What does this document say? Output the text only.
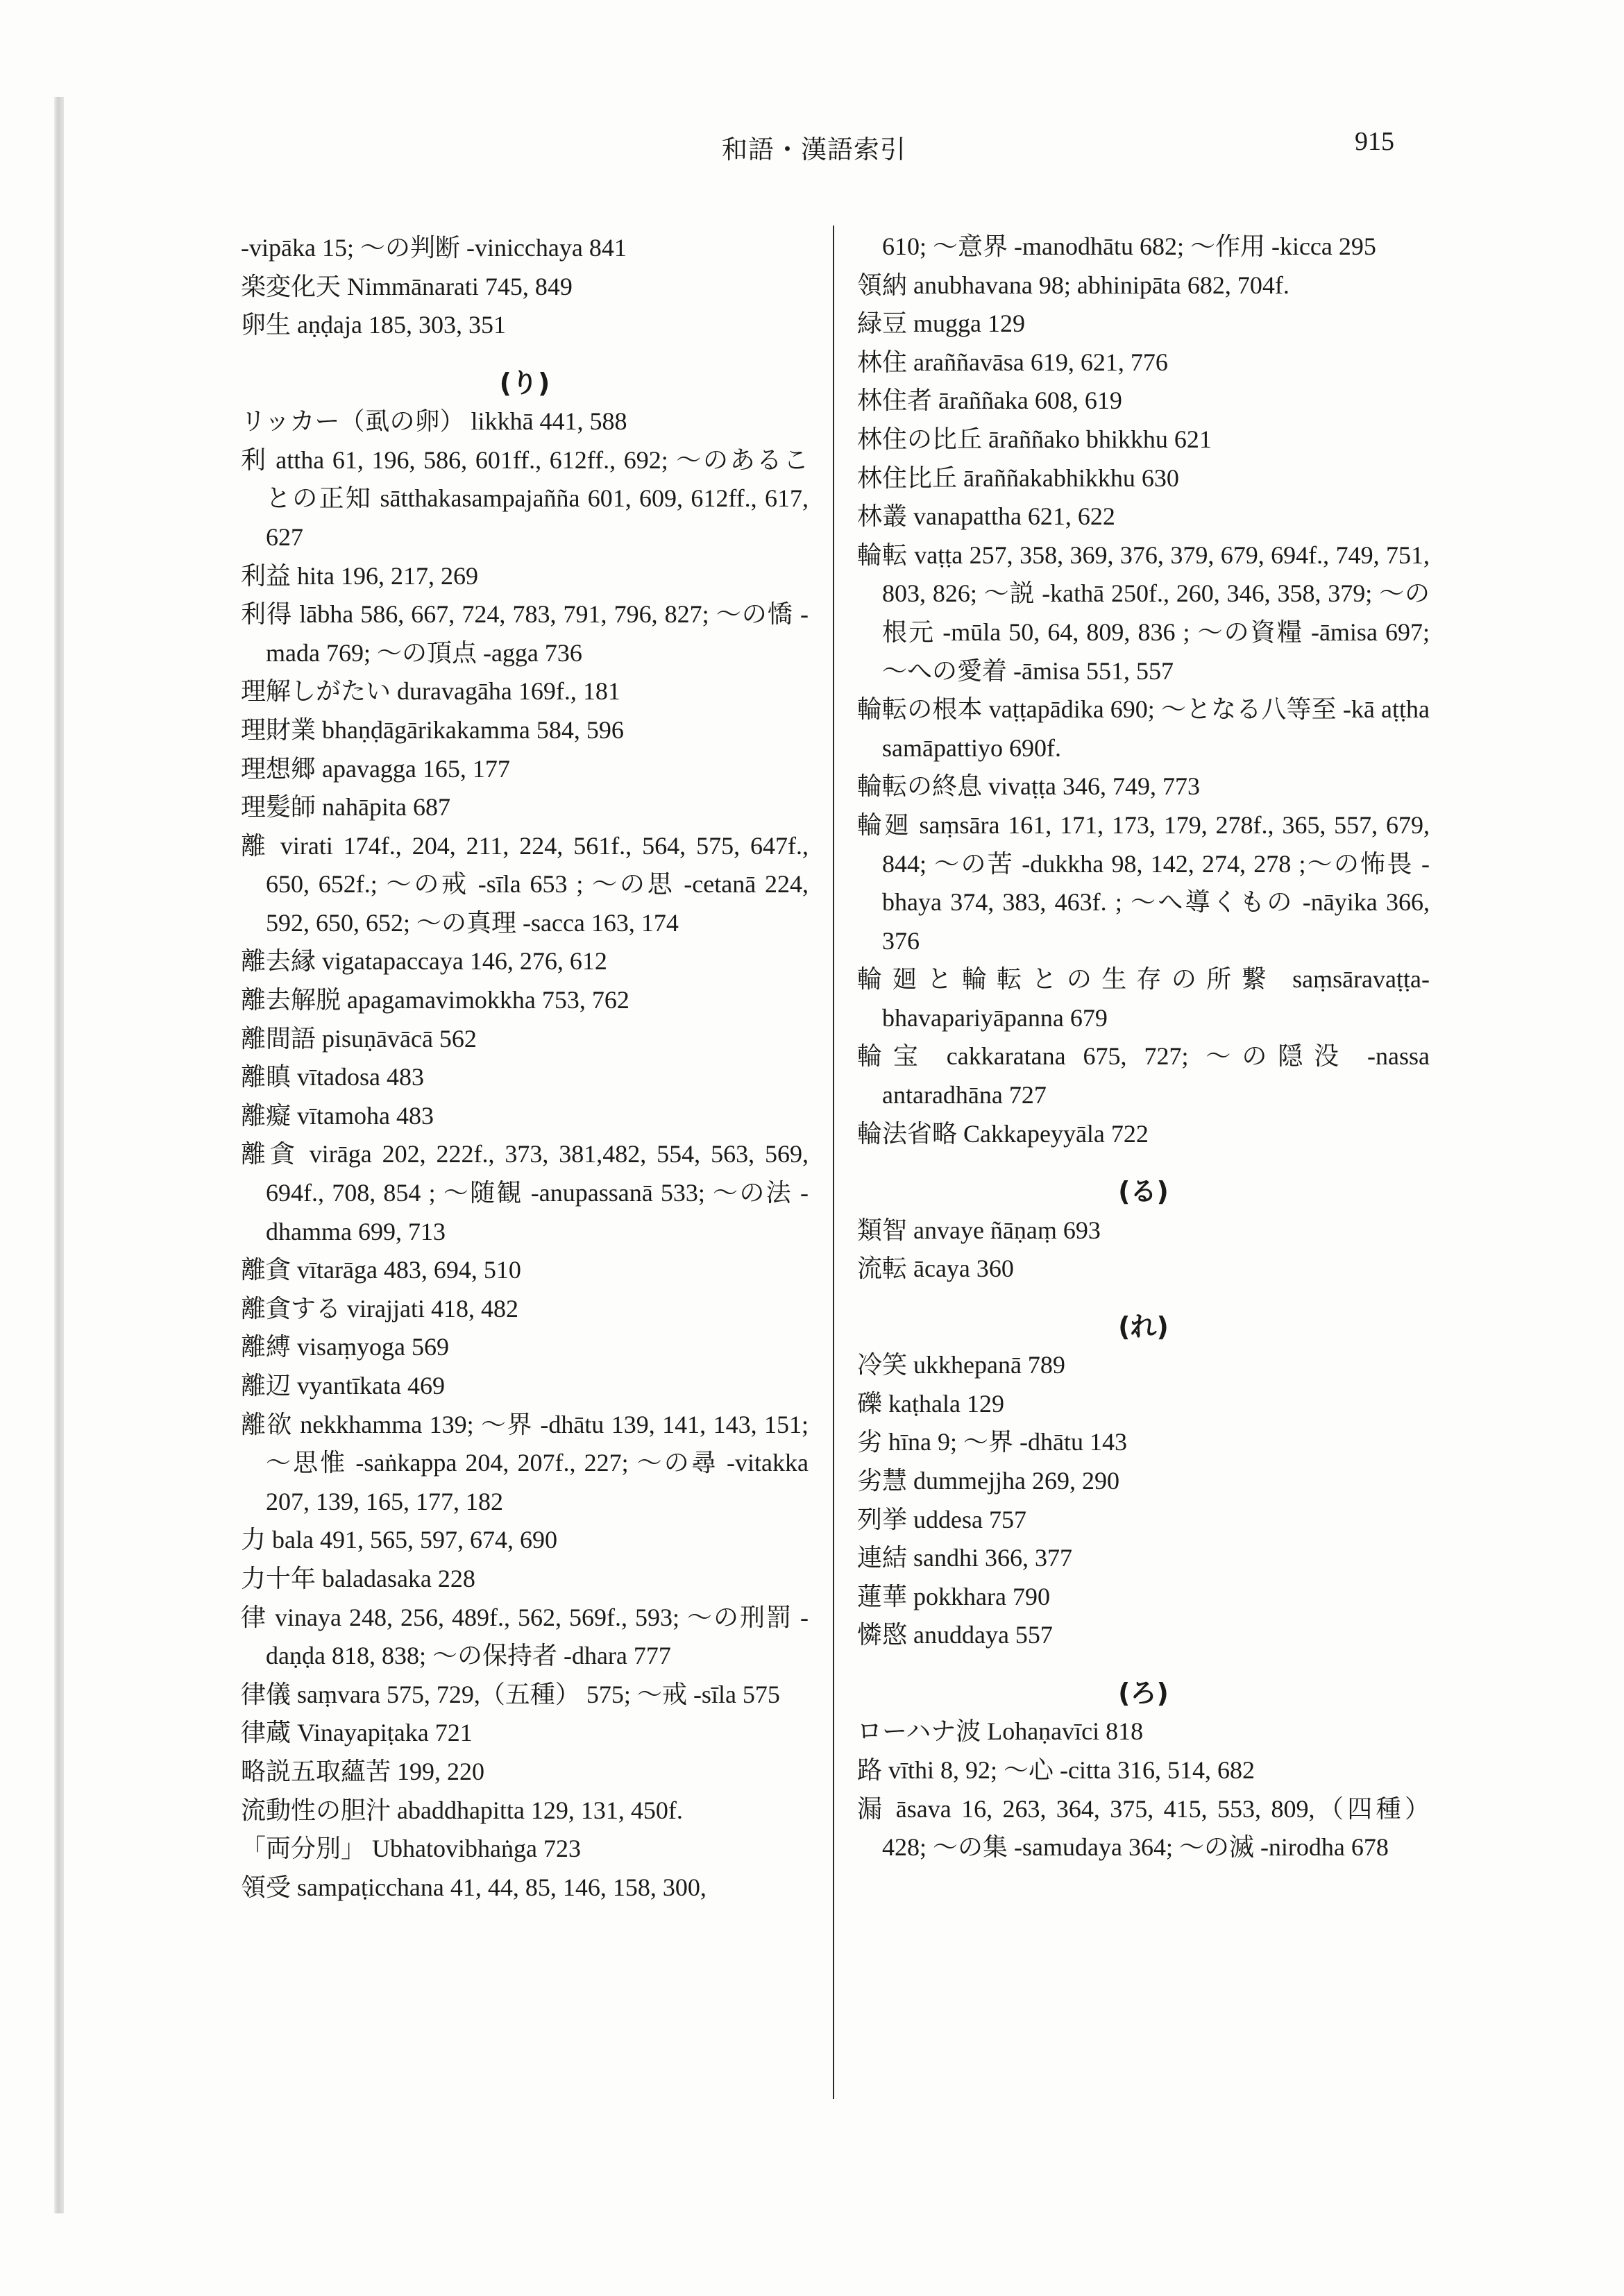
和語・漢語索引	915

-vipāka 15; 〜の判断 -vinicchaya 841

楽変化天 Nimmānarati 745, 849

卵生 aṇḍaja 185, 303, 351

(り)

リッカー（虱の卵） likkhā 441, 588

利 attha 61, 196, 586, 601ff., 612ff., 692; 〜のあることの正知 sātthakasampajañña 601, 609, 612ff., 617, 627

利益 hita 196, 217, 269

利得 lābha 586, 667, 724, 783, 791, 796, 827; 〜の憍 -mada 769; 〜の頂点 -agga 736

理解しがたい duravagāha 169f., 181

理財業 bhaṇḍāgārikakamma 584, 596

理想郷 apavagga 165, 177

理髪師 nahāpita 687

離 virati 174f., 204, 211, 224, 561f., 564, 575, 647f., 650, 652f.; 〜の戒 -sīla 653 ; 〜の思 -cetanā 224, 592, 650, 652; 〜の真理 -sacca 163, 174

離去縁 vigatapaccaya 146, 276, 612

離去解脱 apagamavimokkha 753, 762

離間語 pisuṇāvācā 562

離瞋 vītadosa 483

離癡 vītamoha 483

離貪 virāga 202, 222f., 373, 381,482, 554, 563, 569, 694f., 708, 854 ; 〜随観 -anupassanā 533; 〜の法 -dhamma 699, 713

離貪 vītarāga 483, 694, 510

離貪する virajjati 418, 482

離縛 visaṃyoga 569

離辺 vyantīkata 469

離欲 nekkhamma 139; 〜界 -dhātu 139, 141, 143, 151; 〜思惟 -saṅkappa 204, 207f., 227; 〜の尋 -vitakka 207, 139, 165, 177, 182

力 bala 491, 565, 597, 674, 690

力十年 baladasaka 228

律 vinaya 248, 256, 489f., 562, 569f., 593; 〜の刑罰 -daṇḍa 818, 838; 〜の保持者 -dhara 777

律儀 saṃvara 575, 729,（五種） 575; 〜戒 -sīla 575

律蔵 Vinayapiṭaka 721

略説五取蘊苦 199, 220

流動性の胆汁 abaddhapitta 129, 131, 450f.

「両分別」 Ubhatovibhaṅga 723

領受 sampaṭicchana 41, 44, 85, 146, 158, 300,

610; 〜意界 -manodhātu 682; 〜作用 -kicca 295

領納 anubhavana 98; abhinipāta 682, 704f.

緑豆 mugga 129

林住 araññavāsa 619, 621, 776

林住者 āraññaka 608, 619

林住の比丘 āraññako bhikkhu 621

林住比丘 āraññakabhikkhu 630

林叢 vanapattha 621, 622

輪転 vaṭṭa 257, 358, 369, 376, 379, 679, 694f., 749, 751, 803, 826; 〜説 -kathā 250f., 260, 346, 358, 379; 〜の根元 -mūla 50, 64, 809, 836 ; 〜の資糧 -āmisa 697; 〜への愛着 -āmisa 551, 557

輪転の根本 vaṭṭapādika 690; 〜となる八等至 -kā aṭṭha samāpattiyo 690f.

輪転の終息 vivaṭṭa 346, 749, 773

輪廻 saṃsāra 161, 171, 173, 179, 278f., 365, 557, 679, 844; 〜の苦 -dukkha 98, 142, 274, 278 ;〜の怖畏 -bhaya 374, 383, 463f. ; 〜へ導くもの -nāyika 366, 376

輪廻と輪転との生存の所繋 saṃsāravaṭṭa-bhavapariyāpanna 679

輪宝 cakkaratana 675, 727; 〜の隠没 -nassa antaradhāna 727

輪法省略 Cakkapeyyāla 722

(る)

類智 anvaye ñāṇaṃ 693

流転 ācaya 360

(れ)

冷笑 ukkhepanā 789

礫 kaṭhala 129

劣 hīna 9; 〜界 -dhātu 143

劣慧 dummejjha 269, 290

列挙 uddesa 757

連結 sandhi 366, 377

蓮華 pokkhara 790

憐愍 anuddaya 557

(ろ)

ローハナ波 Lohaṇavīci 818

路 vīthi 8, 92; 〜心 -citta 316, 514, 682

漏 āsava 16, 263, 364, 375, 415, 553, 809,（四種） 428; 〜の集 -samudaya 364; 〜の滅 -nirodha 678
